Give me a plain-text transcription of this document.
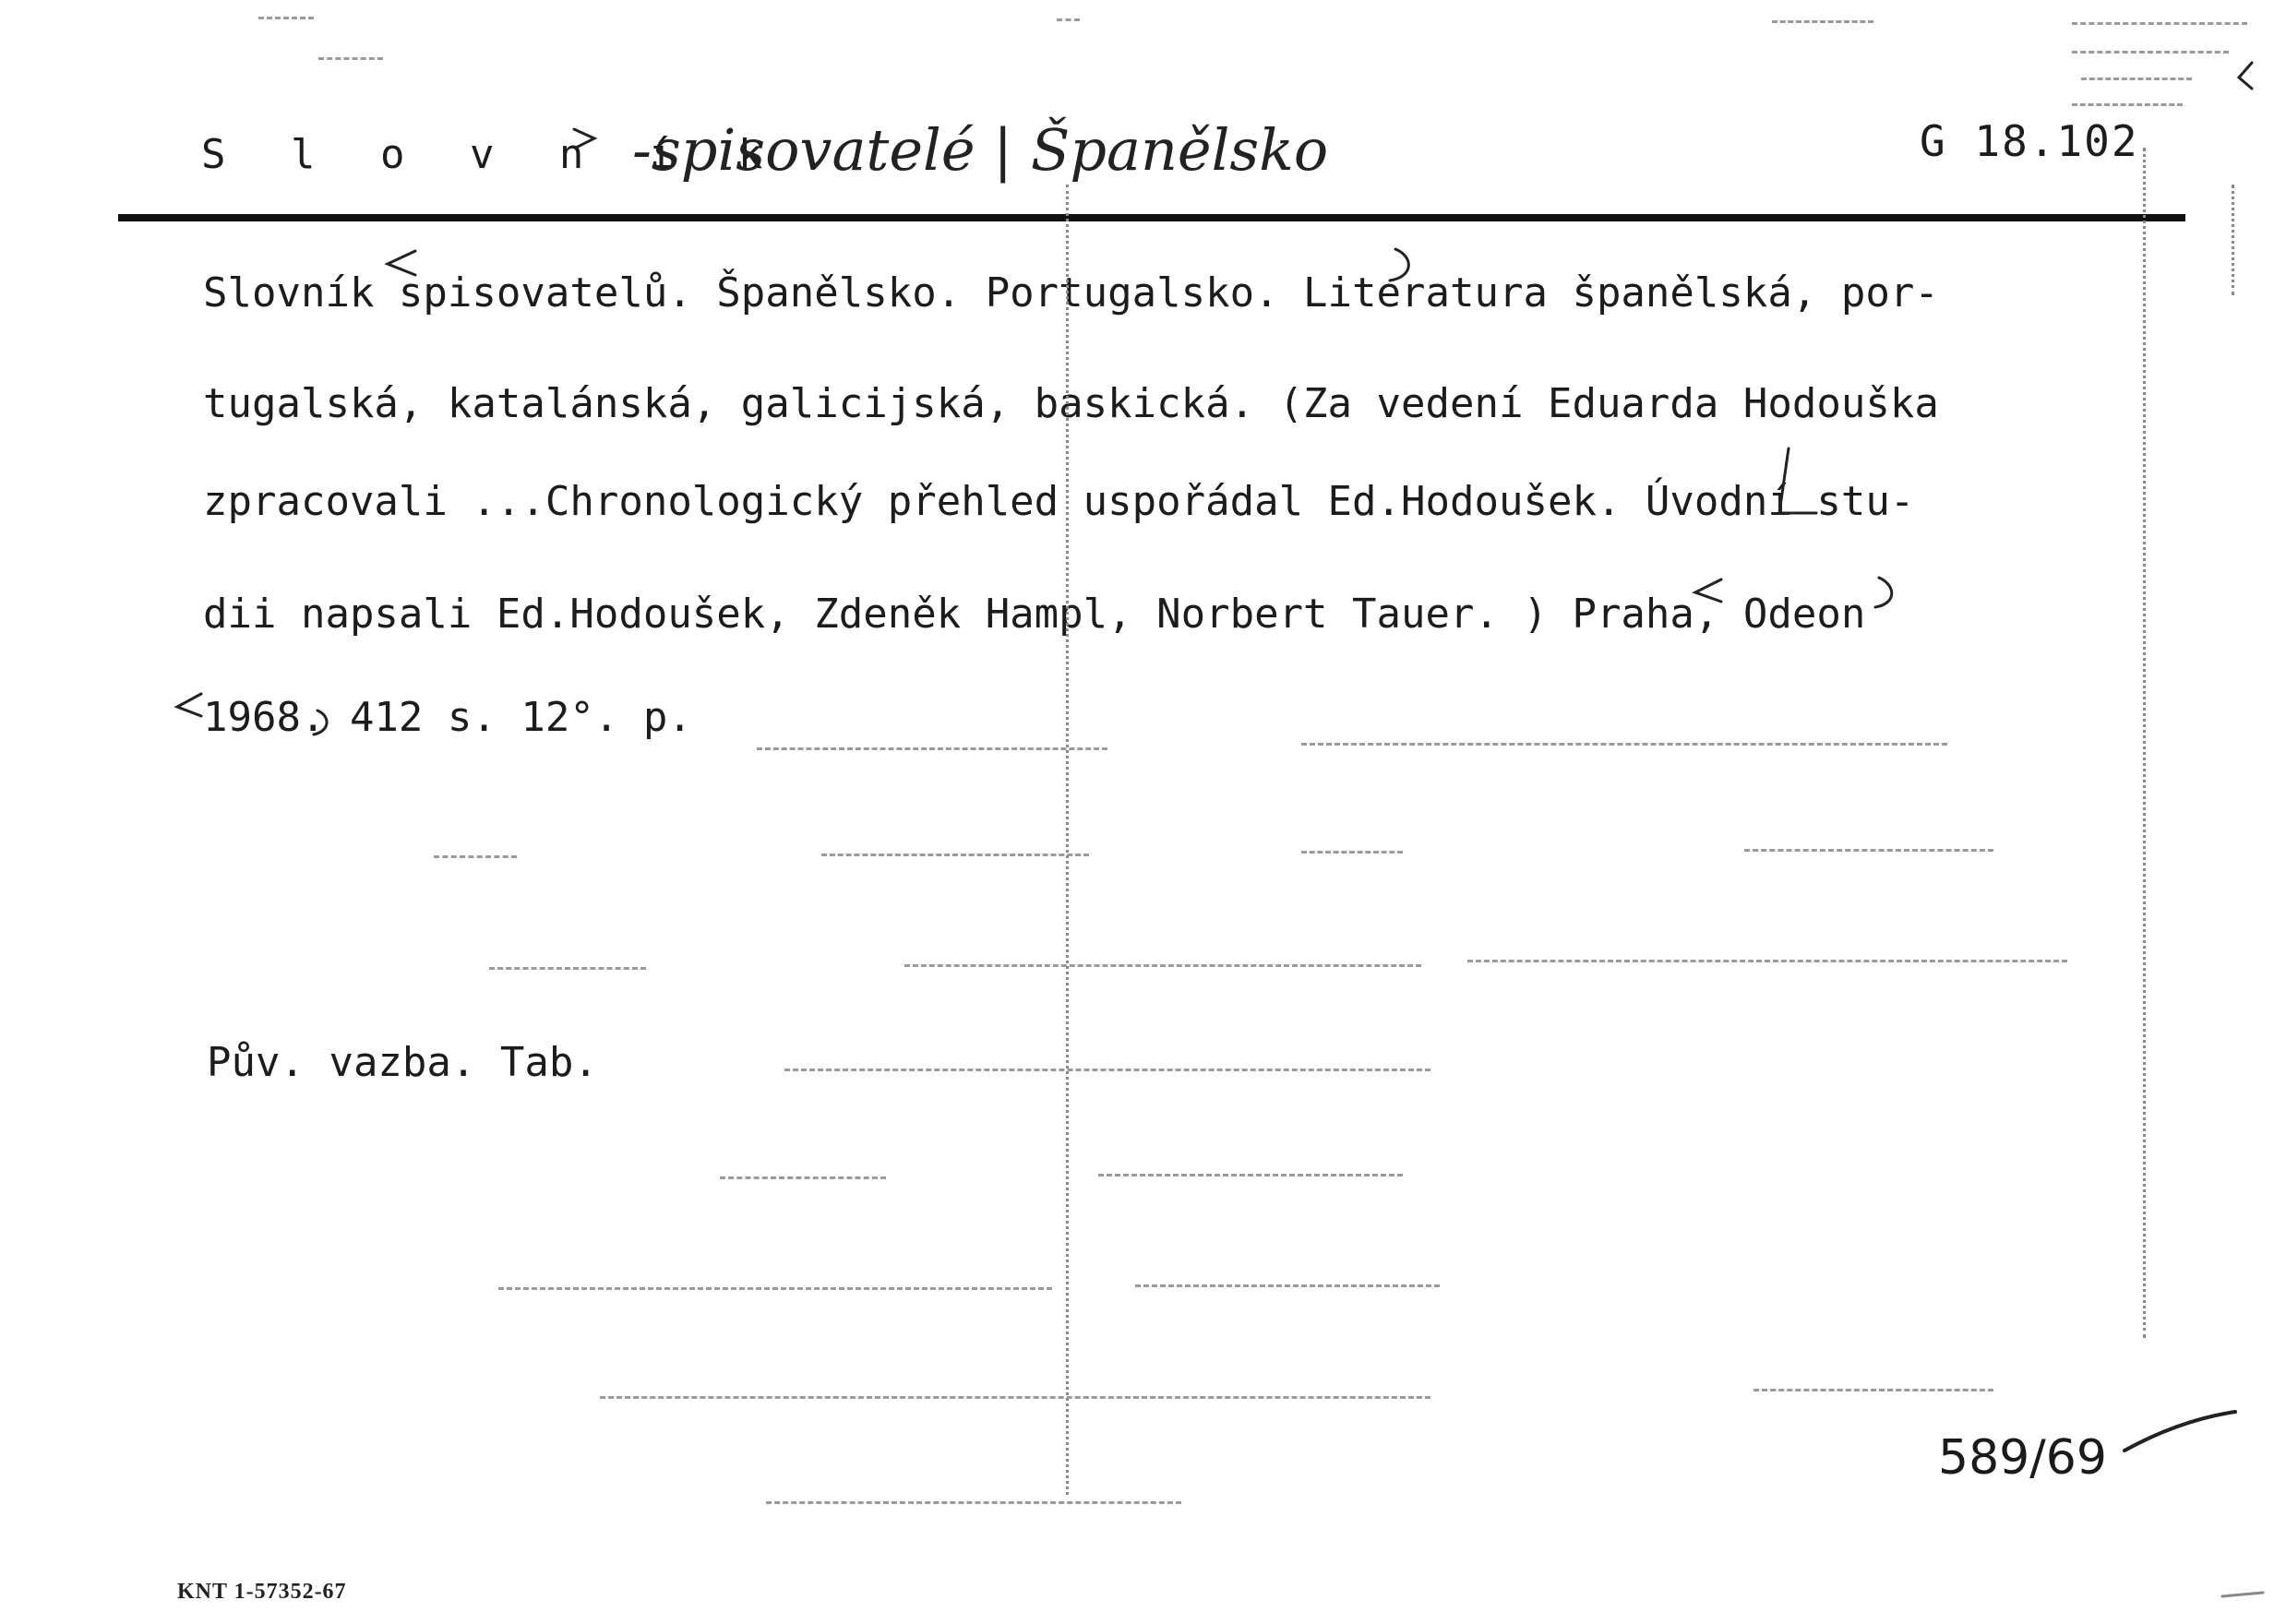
S l o v n í k
-spisovatelé | Španělsko	G 18.102
Slovník spisovatelů. Španělsko. Portugalsko. Literatura španělská, por-
tugalská, katalánská, galicijská, baskická. (Za vedení Eduarda Hodouška
zpracovali ...Chronologický přehled uspořádal Ed.Hodoušek. Úvodní stu-
dii napsali Ed.Hodoušek, Zdeněk Hampl, Norbert Tauer. ) Praha, Odeon
1968. 412 s. 12°. p.
Pův. vazba. Tab.
589/69
KNT 1-57352-67
